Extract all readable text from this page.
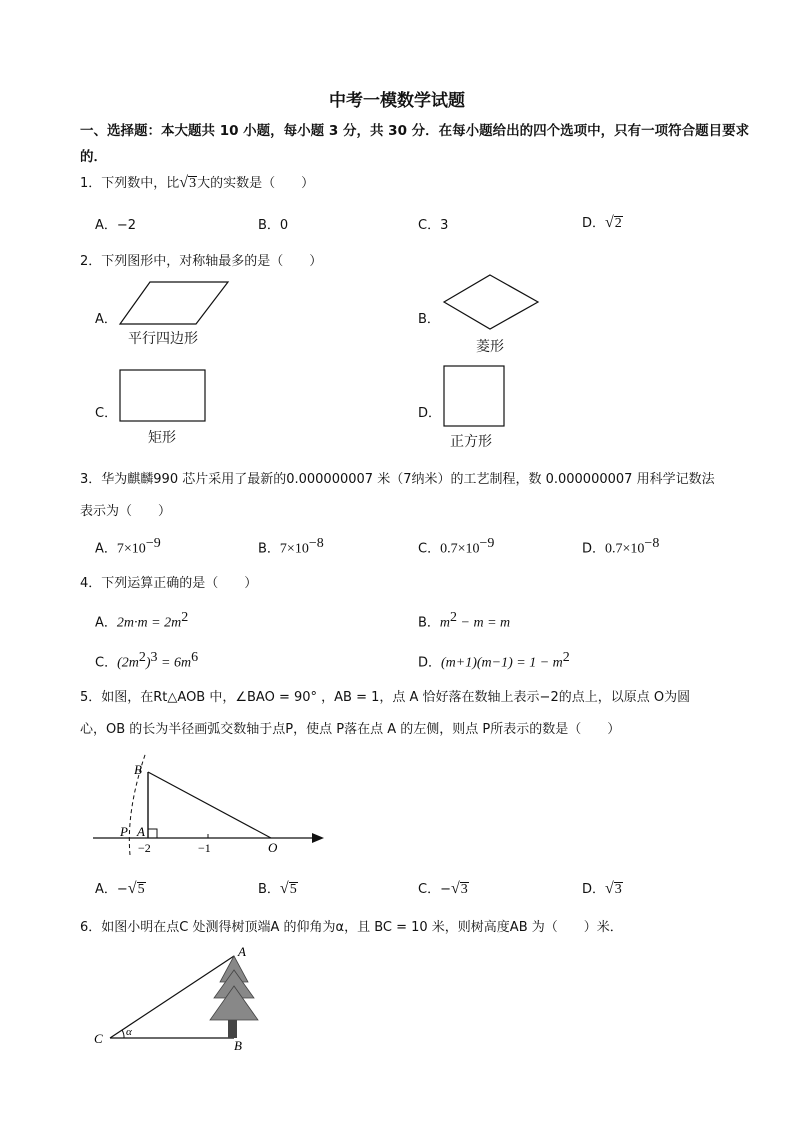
中考一模数学试题
一、选择题：本大题共 10 小题，每小题 3 分，共 30 分．在每小题给出的四个选项中，只有一项符合题目要求的．
1．下列数中，比√3大的实数是（　　）
A．−2	B．0	C．3	D．√2
2．下列图形中，对称轴最多的是（　　）
A．
平行四边形
B．
菱形
C．
矩形
D．
正方形
3．华为麒麟990 芯片采用了最新的0.000000007 米（7纳米）的工艺制程，数 0.000000007 用科学记数法
表示为（　　）
A．$7\times 10^{-9}$	B．$7\times 10^{-8}$	C．$0.7\times 10^{-9}$	D．$0.7\times 10^{-8}$
4．下列运算正确的是（　　）
A．$2m\cdot m = 2m^2$	B．$m^2 - m = m$
C．$(2m^2)^3 = 6m^6$	D．$(m+1)(m-1) = 1 - m^2$
5．如图，在Rt△AOB 中，∠BAO = 90° ，AB = 1，点 A 恰好落在数轴上表示−2的点上，以原点 O为圆
心，OB 的长为半径画弧交数轴于点P，使点 P落在点 A 的左侧，则点 P所表示的数是（　　）
B
P A
O
−2	−1
A．−√5	B．√5	C．−√3	D．√3
6．如图小明在点C 处测得树顶端A 的仰角为α，且 BC = 10 米，则树高度AB 为（　　）米．
A
B
C α
